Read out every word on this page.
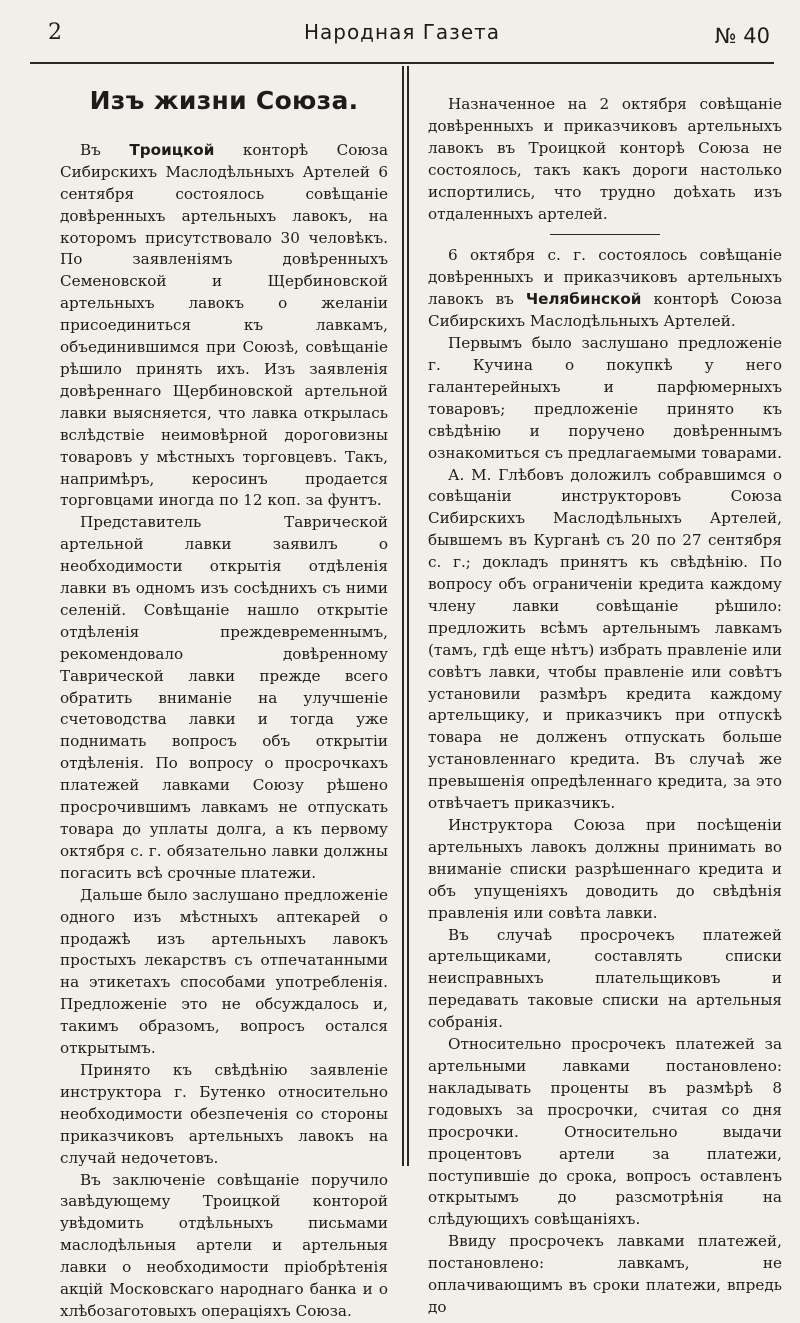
2	Народная Газета	№ 40
Изъ жизни Союза.

Въ Троицкой конторѣ Союза Сибирскихъ Маслодѣльныхъ Артелей 6 сентября состоялось совѣщаніе довѣренныхъ артельныхъ лавокъ, на которомъ присутствовало 30 человѣкъ. По заявленіямъ довѣренныхъ Семеновской и Щербиновской артельныхъ лавокъ о желаніи присоединиться къ лавкамъ, объединившимся при Союзѣ, совѣщаніе рѣшило принять ихъ. Изъ заявленія довѣреннаго Щербиновской артельной лавки выясняется, что лавка открылась вслѣдствіе неимовѣрной дороговизны товаровъ у мѣстныхъ торговцевъ. Такъ, напримѣръ, керосинъ продается торговцами иногда по 12 коп. за фунтъ.

Представитель Таврической артельной лавки заявилъ о необходимости открытія отдѣленія лавки въ одномъ изъ сосѣднихъ съ ними селеній. Совѣщаніе нашло открытіе отдѣленія преждевременнымъ, рекомендовало довѣренному Таврической лавки прежде всего обратить вниманіе на улучшеніе счетоводства лавки и тогда уже поднимать вопросъ объ открытіи отдѣленія. По вопросу о просрочкахъ платежей лавками Союзу рѣшено просрочившимъ лавкамъ не отпускать товара до уплаты долга, а къ первому октября с. г. обязательно лавки должны погасить всѣ срочные платежи.

Дальше было заслушано предложеніе одного изъ мѣстныхъ аптекарей о продажѣ изъ артельныхъ лавокъ простыхъ лекарствъ съ отпечатанными на этикетахъ способами употребленія. Предложеніе это не обсуждалось и, такимъ образомъ, вопросъ остался открытымъ.

Принято къ свѣдѣнію заявленіе инструктора г. Бутенко относительно необходимости обезпеченія со стороны приказчиковъ артельныхъ лавокъ на случай недочетовъ.

Въ заключеніе совѣщаніе поручило завѣдующему Троицкой конторой увѣдомить отдѣльныхъ письмами маслодѣльныя артели и артельныя лавки о необходимости пріобрѣтенія акцій Московскаго народнаго банка и о хлѣбозаготовыхъ операціяхъ Союза.

Назначенное на 2 октября совѣщаніе довѣренныхъ и приказчиковъ артельныхъ лавокъ въ Троицкой конторѣ Союза не состоялось, такъ какъ дороги настолько испортились, что трудно доѣхать изъ отдаленныхъ артелей.

6 октября с. г. состоялось совѣщаніе довѣренныхъ и приказчиковъ артельныхъ лавокъ въ Челябинской конторѣ Союза Сибирскихъ Маслодѣльныхъ Артелей.

Первымъ было заслушано предложеніе г. Кучина о покупкѣ у него галантерейныхъ и парфюмерныхъ товаровъ; предложеніе принято къ свѣдѣнію и поручено довѣреннымъ ознакомиться съ предлагаемыми товарами.

А. М. Глѣбовъ доложилъ собравшимся о совѣщаніи инструкторовъ Союза Сибирскихъ Маслодѣльныхъ Артелей, бывшемъ въ Курганѣ съ 20 по 27 сентября с. г.; докладъ принятъ къ свѣдѣнію. По вопросу объ ограниченіи кредита каждому члену лавки совѣщаніе рѣшило: предложить всѣмъ артельнымъ лавкамъ (тамъ, гдѣ еще нѣтъ) избрать правленіе или совѣтъ лавки, чтобы правленіе или совѣтъ установили размѣръ кредита каждому артельщику, и приказчикъ при отпускѣ товара не долженъ отпускать больше установленнаго кредита. Въ случаѣ же превышенія опредѣленнаго кредита, за это отвѣчаетъ приказчикъ.

Инструктора Союза при посѣщеніи артельныхъ лавокъ должны принимать во вниманіе списки разрѣшеннаго кредита и объ упущеніяхъ доводить до свѣдѣнія правленія или совѣта лавки.

Въ случаѣ просрочекъ платежей артельщиками, составлять списки неисправныхъ плательщиковъ и передавать таковые списки на артельныя собранія.

Относительно просрочекъ платежей за артельными лавками постановлено: накладывать проценты въ размѣрѣ 8 годовыхъ за просрочки, считая со дня просрочки. Относительно выдачи процентовъ артели за платежи, поступившіе до срока, вопросъ оставленъ открытымъ до разсмотрѣнія на слѣдующихъ совѣщаніяхъ.

Ввиду просрочекъ лавками платежей, постановлено: лавкамъ, не оплачивающимъ въ сроки платежи, впредь до
